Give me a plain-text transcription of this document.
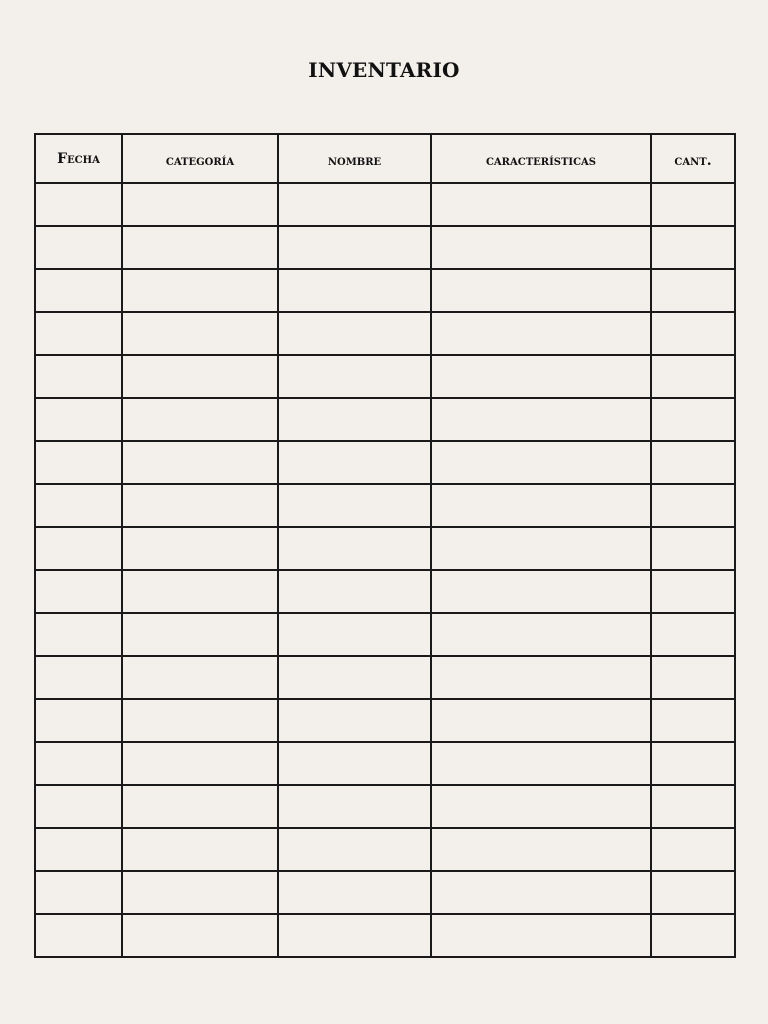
INVENTARIO
Fecha	categoría	nombre	características	cant.
